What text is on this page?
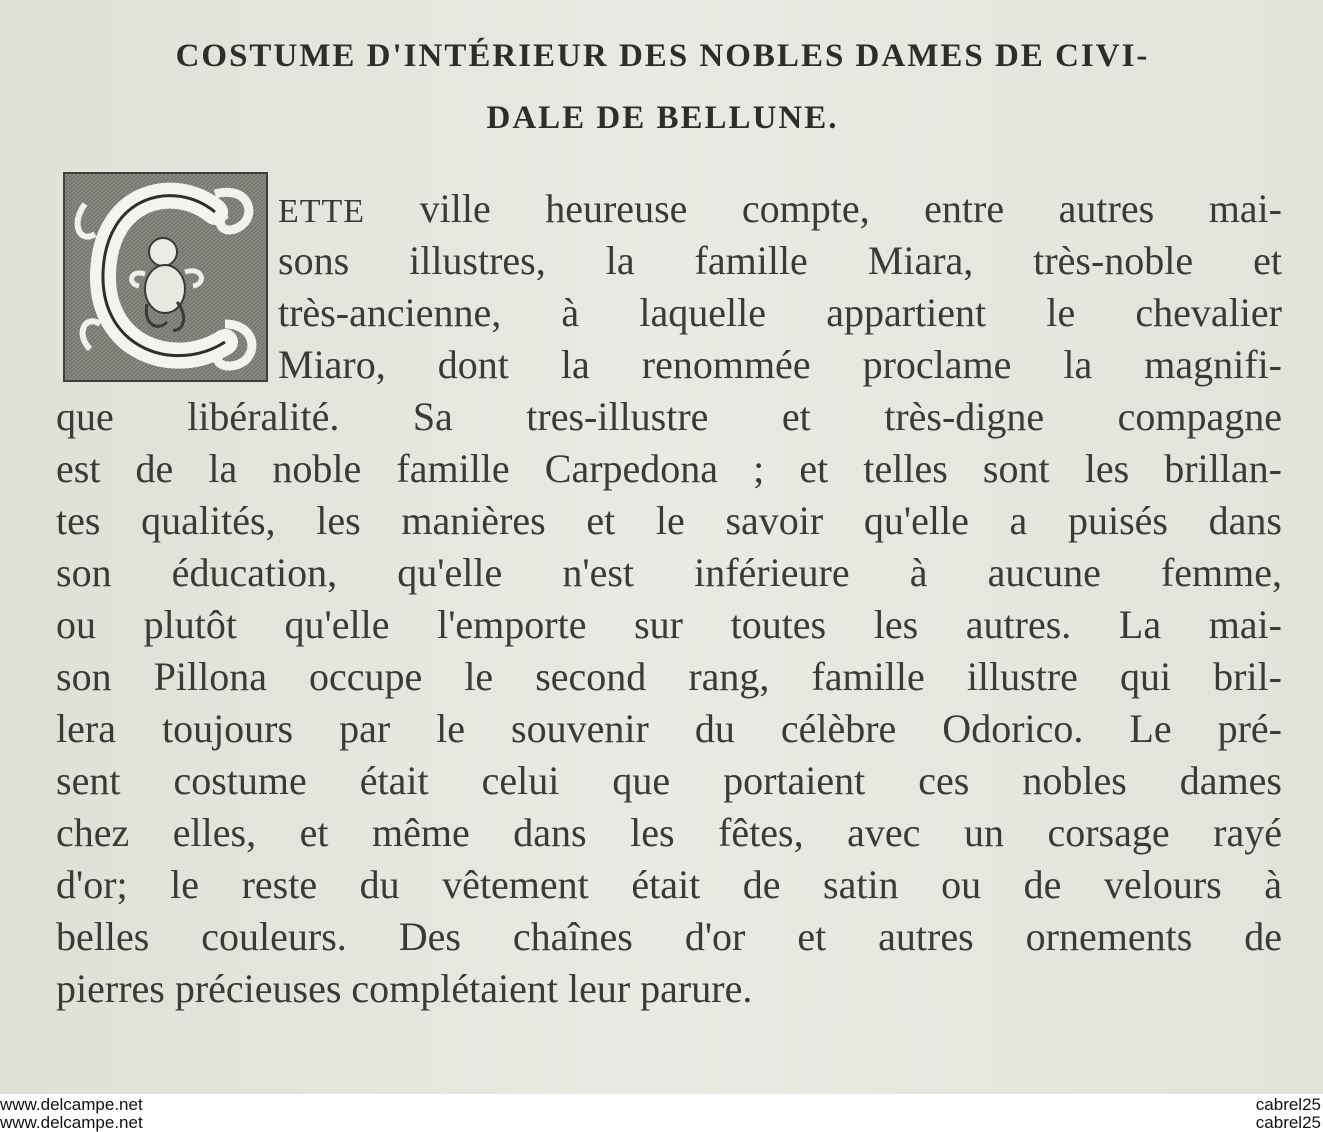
COSTUME D'INTÉRIEUR DES NOBLES DAMES DE CIVI-

DALE DE BELLUNE.

ETTE ville heureuse compte, entre autres mai-

sons illustres, la famille Miara, très-noble et

très-ancienne, à laquelle appartient le chevalier

Miaro, dont la renommée proclame la magnifi-

que libéralité. Sa tres-illustre et très-digne compagne

est de la noble famille Carpedona ; et telles sont les brillan-

tes qualités, les manières et le savoir qu'elle a puisés dans

son éducation, qu'elle n'est inférieure à aucune femme,

ou plutôt qu'elle l'emporte sur toutes les autres. La mai-

son Pillona occupe le second rang, famille illustre qui bril-

lera toujours par le souvenir du célèbre Odorico. Le pré-

sent costume était celui que portaient ces nobles dames

chez elles, et même dans les fêtes, avec un corsage rayé

d'or; le reste du vêtement était de satin ou de velours à

belles couleurs. Des chaînes d'or et autres ornements de

pierres précieuses complétaient leur parure.

www.delcampe.net

www.delcampe.net

cabrel25

cabrel25
